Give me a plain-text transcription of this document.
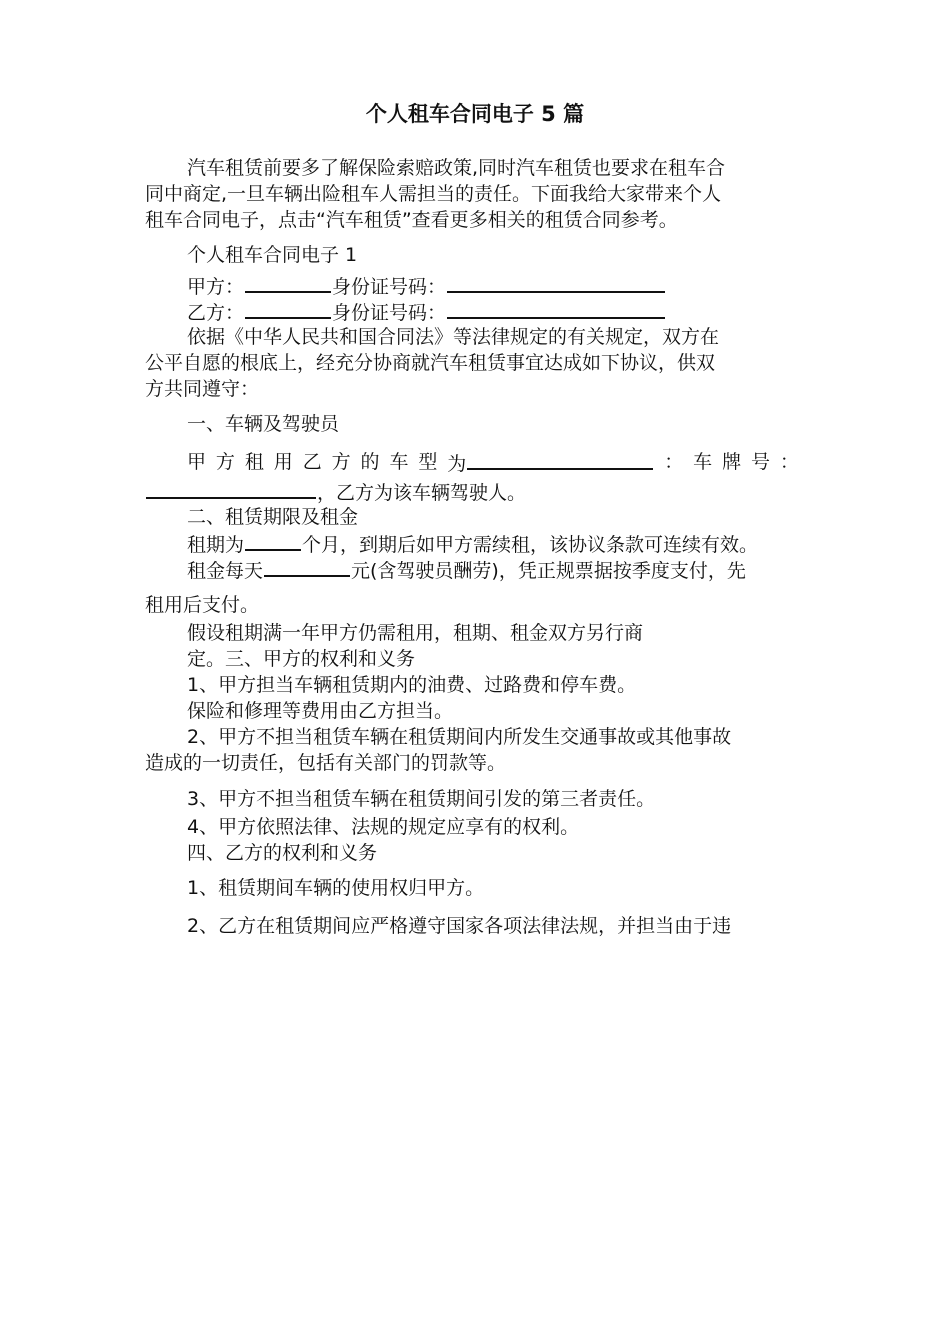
个人租车合同电子 5 篇
汽车租赁前要多了解保险索赔政策,同时汽车租赁也要求在租车合
同中商定,一旦车辆出险租车人需担当的责任。下面我给大家带来个人
租车合同电子，点击“汽车租赁”查看更多相关的租赁合同参考。
个人租车合同电子 1
甲方：	身份证号码：
乙方：	身份证号码：
依据《中华人民共和国合同法》等法律规定的有关规定，双方在
公平自愿的根底上，经充分协商就汽车租赁事宜达成如下协议，供双
方共同遵守：
一、车辆及驾驶员
甲 方 租 用 乙 方 的 车 型 为	： 车 牌 号 ：
，乙方为该车辆驾驶人。
二、租赁期限及租金
租期为	个月，到期后如甲方需续租，该协议条款可连续有效。
租金每天	元(含驾驶员酬劳)，凭正规票据按季度支付，先
租用后支付。
假设租期满一年甲方仍需租用，租期、租金双方另行商
定。三、甲方的权利和义务
1、甲方担当车辆租赁期内的油费、过路费和停车费。
保险和修理等费用由乙方担当。
2、甲方不担当租赁车辆在租赁期间内所发生交通事故或其他事故
造成的一切责任，包括有关部门的罚款等。
3、甲方不担当租赁车辆在租赁期间引发的第三者责任。
4、甲方依照法律、法规的规定应享有的权利。
四、乙方的权利和义务
1、租赁期间车辆的使用权归甲方。
2、乙方在租赁期间应严格遵守国家各项法律法规，并担当由于违
